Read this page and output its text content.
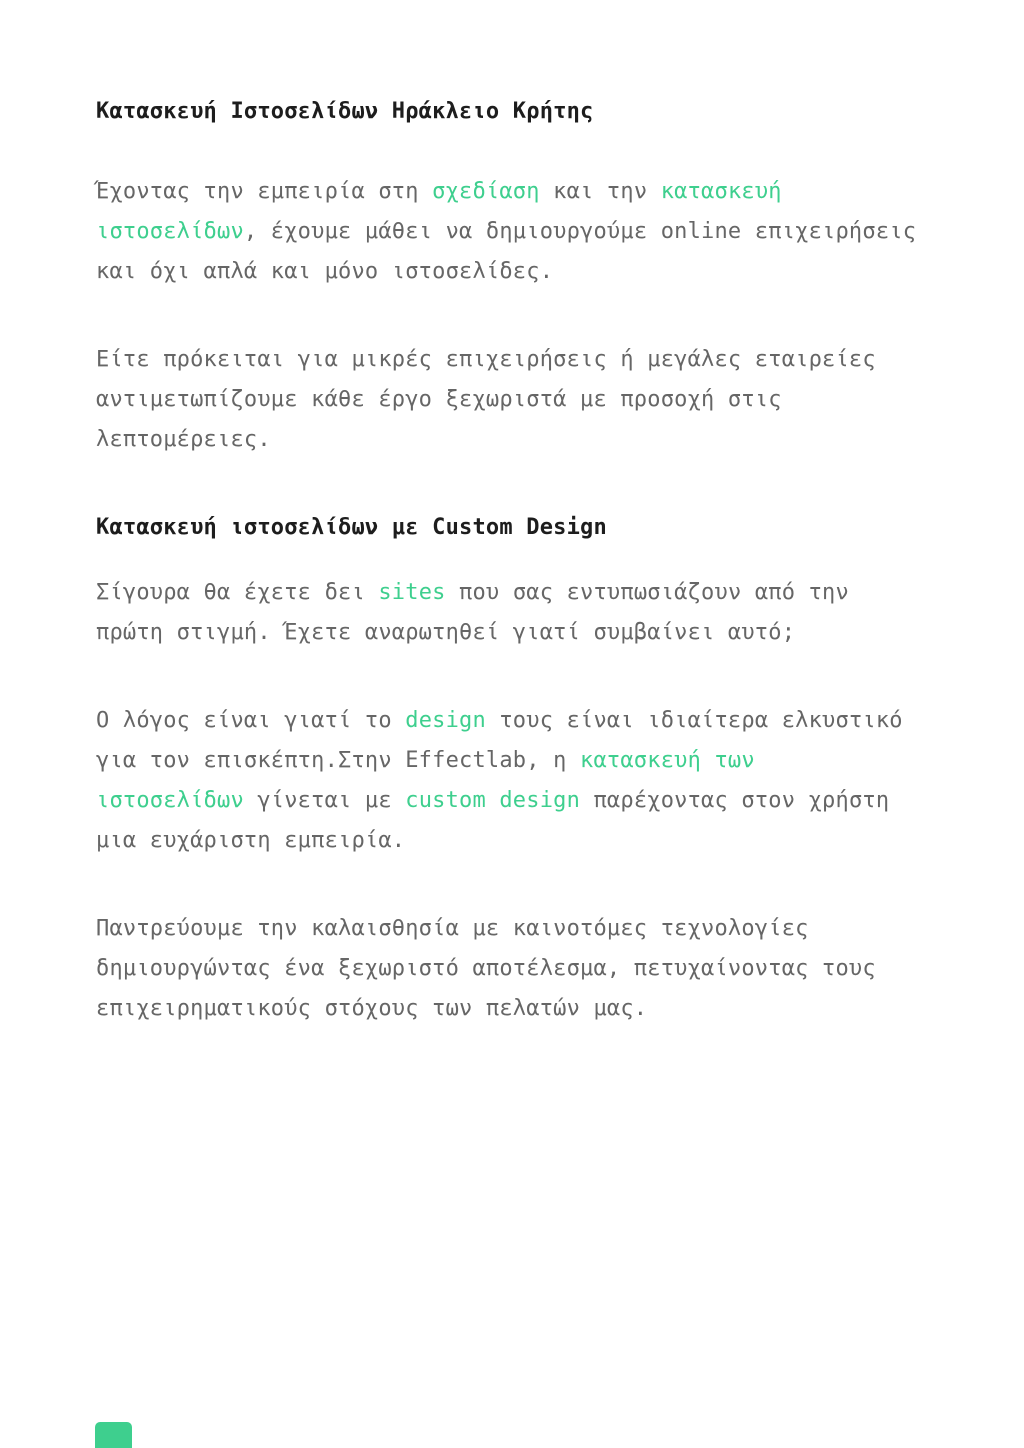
Κατασκευή Ιστοσελίδων Ηράκλειο Κρήτης

Έχοντας την εμπειρία στη σχεδίαση και την κατασκευή
ιστοσελίδων, έχουμε μάθει να δημιουργούμε online επιχειρήσεις
και όχι απλά και μόνο ιστοσελίδες.

Είτε πρόκειται για μικρές επιχειρήσεις ή μεγάλες εταιρείες
αντιμετωπίζουμε κάθε έργο ξεχωριστά με προσοχή στις
λεπτομέρειες.

Κατασκευή ιστοσελίδων με Custom Design

Σίγουρα θα έχετε δει sites που σας εντυπωσιάζουν από την
πρώτη στιγμή. Έχετε αναρωτηθεί γιατί συμβαίνει αυτό;

Ο λόγος είναι γιατί το design τους είναι ιδιαίτερα ελκυστικό
για τον επισκέπτη.Στην Effectlab, η κατασκευή των
ιστοσελίδων γίνεται με custom design παρέχοντας στον χρήστη
μια ευχάριστη εμπειρία.

Παντρεύουμε την καλαισθησία με καινοτόμες τεχνολογίες
δημιουργώντας ένα ξεχωριστό αποτέλεσμα, πετυχαίνοντας τους
επιχειρηματικούς στόχους των πελατών μας.
